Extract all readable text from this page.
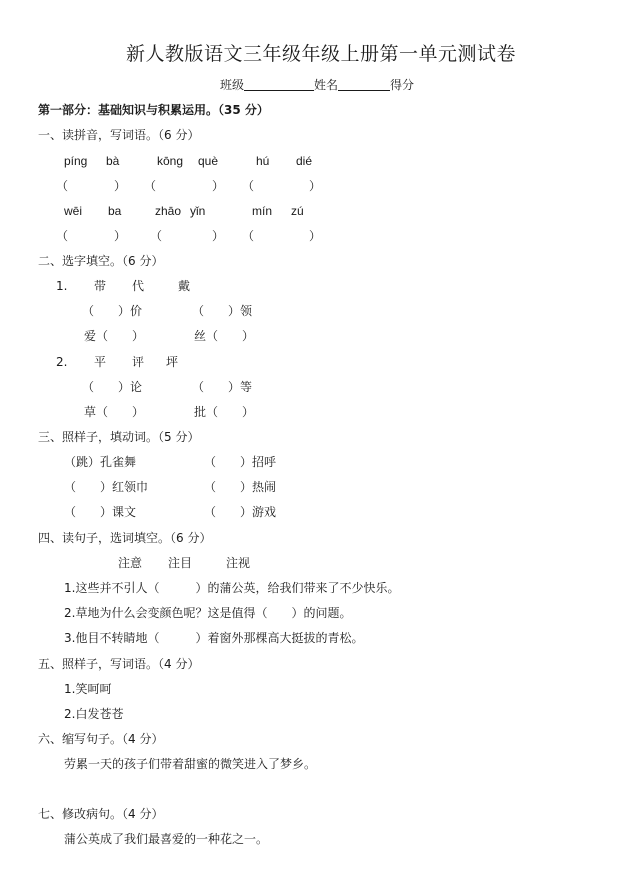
新人教版语文三年级年级上册第一单元测试卷
班级	姓名	得分
第一部分：基础知识与积累运用。（35 分）
一、读拼音，写词语。（6 分）
píng bà	kōng què	hú dié
（	） （	） （	）
wēi ba	zhāo yǐn	mín zú
（	） （	） （	）
二、选字填空。（6 分）
1. 带 代	戴
（　　）价	（　　）领
爱（　　）	丝（　　）
2. 平 评 坪
（　　）论	（　　）等
草（　　）	批（　　）
三、照样子，填动词。（5 分）
（跳）孔雀舞	（　　）招呼
（　　）红领巾	（　　）热闹
（　　）课文	（　　）游戏
四、读句子，选词填空。（6 分）
注意 注目	注视
1.这些并不引人（　　　）的蒲公英，给我们带来了不少快乐。
2.草地为什么会变颜色呢？这是值得（　　）的问题。
3.他目不转睛地（　　　）着窗外那棵高大挺拔的青松。
五、照样子，写词语。（4 分）
1.笑呵呵
2.白发苍苍
六、缩写句子。（4 分）
劳累一天的孩子们带着甜蜜的微笑进入了梦乡。
七、修改病句。（4 分）
蒲公英成了我们最喜爱的一种花之一。
